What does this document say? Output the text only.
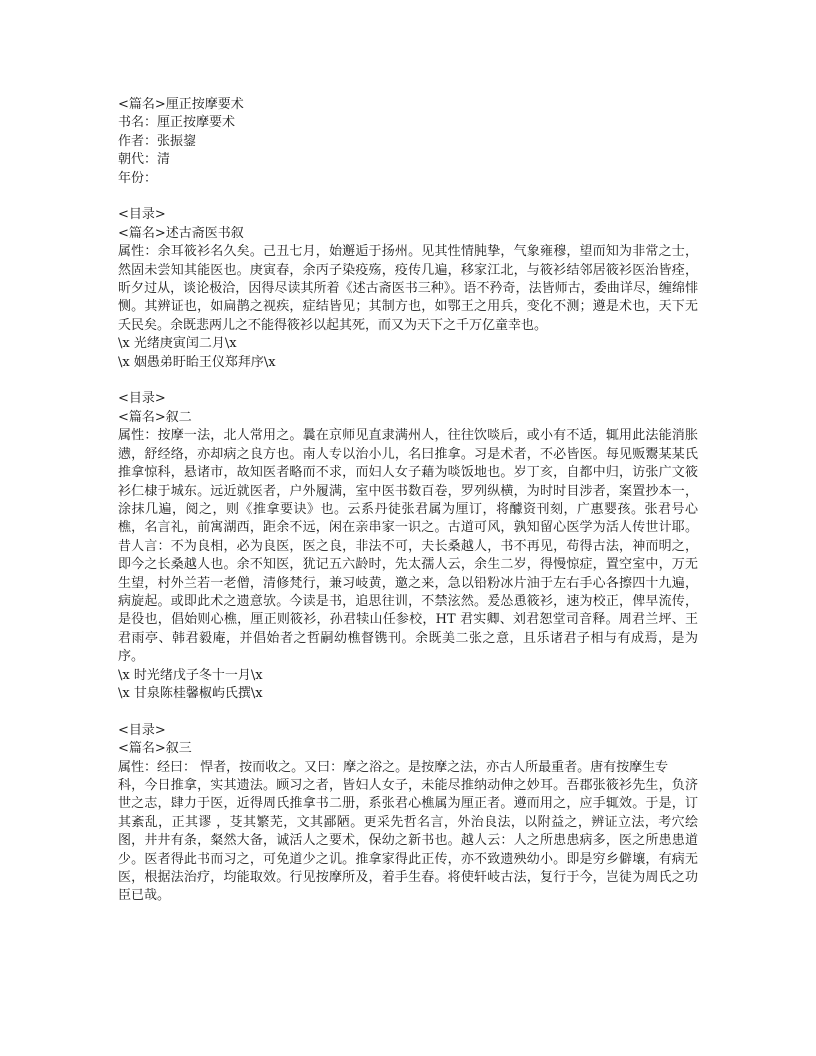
<篇名>厘正按摩要术
书名：厘正按摩要术
作者：张振鋆
朝代：清
年份：
<目录>
<篇名>述古斋医书叙
属性：余耳筱衫名久矣。己丑七月，始邂逅于扬州。见其性情肫挚，气象雍穆，望而知为非常之士，然固未尝知其能医也。庚寅春，余丙子染疫殇，疫传几遍，移家江北，与筱衫结邻居筱衫医治皆痊，昕夕过从，谈论极洽，因得尽读其所着《述古斋医书三种》。语不矜奇，法皆师古，委曲详尽，缠绵悱恻。其辨证也，如扁鹊之视疾，症结皆见；其制方也，如鄂王之用兵，变化不测；遵是术也，天下无夭民矣。余既悲两儿之不能得筱衫以起其死，而又为天下之千万亿童幸也。
\x 光绪庚寅闰二月\x
\x 姻愚弟盱眙王仪郑拜序\x
<目录>
<篇名>叙二
属性：按摩一法，北人常用之。曩在京师见直隶满州人，往往饮啖后，或小有不适，辄用此法能消胀懑，舒经络，亦却病之良方也。南人专以治小儿，名曰推拿。习是术者，不必皆医。每见贩鬻某某氏推拿惊科，悬诸市，故知医者略而不求，而妇人女子藉为啖饭地也。岁丁亥，自都中归，访张广文筱衫仁棣于城东。远近就医者，户外履满，室中医书数百卷，罗列纵横，为时时目涉者，案置抄本一，涂抹几遍，阅之，则《推拿要诀》也。云系丹徒张君属为厘订，将醵资刊刻，广惠婴孩。张君号心樵，名言礼，前寓湖西，距余不远，闲在亲串家一识之。古道可风，孰知留心医学为活人传世计耶。昔人言：不为良相，必为良医，医之良，非法不可，夫长桑越人，书不再见，苟得古法，神而明之，即今之长桑越人也。余不知医，犹记五六龄时，先太孺人云，余生二岁，得慢惊症，置空室中，万无生望，村外兰若一老僧，清修梵行，兼习岐黄，邀之来，急以铅粉冰片油于左右手心各擦四十九遍，病旋起。或即此术之遗意欤。今读是书，追思往训，不禁泫然。爰怂恿筱衫，速为校正，俾早流传，是役也，倡始则心樵，厘正则筱衫，孙君犊山任参校，HT 君实卿、刘君恕堂司音释。周君兰坪、王君雨亭、韩君毅庵，并倡始者之哲嗣幼樵督镌刊。余既美二张之意，且乐诸君子相与有成焉，是为序。
\x 时光绪戊子冬十一月\x
\x 甘泉陈桂馨椒屿氏撰\x
<目录>
<篇名>叙三
属性：经曰： 悍者，按而收之。又曰：摩之浴之。是按摩之法，亦古人所最重者。唐有按摩生专
科，今日推拿，实其遗法。顾习之者，皆妇人女子，未能尽推纳动伸之妙耳。吾郡张筱衫先生，负济世之志，肆力于医，近得周氏推拿书二册，系张君心樵属为厘正者。遵而用之，应手辄效。于是，订其紊乱，正其谬 ，芟其繁芜，文其鄙陋。更采先哲名言，外治良法，以附益之，辨证立法，考穴绘图，井井有条，粲然大备，诚活人之要术，保幼之新书也。越人云：人之所患患病多，医之所患患道少。医者得此书而习之，可免道少之讥。推拿家得此正传，亦不致遗殃幼小。即是穷乡僻壤，有病无医，根据法治疗，均能取效。行见按摩所及，着手生春。将使轩岐古法，复行于今，岂徒为周氏之功臣已哉。
